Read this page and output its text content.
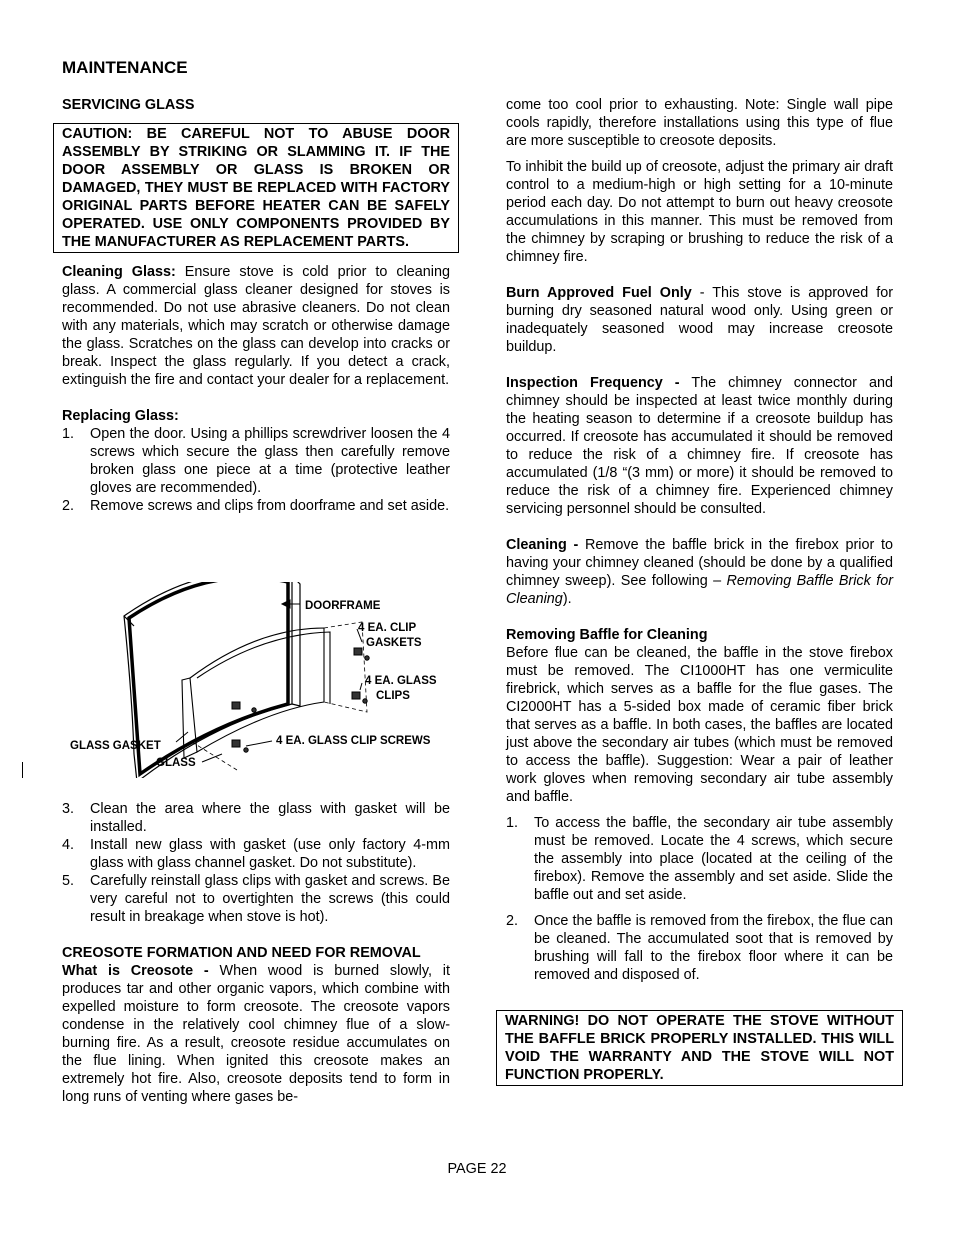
MAINTENANCE

SERVICING GLASS

CAUTION: BE CAREFUL NOT TO ABUSE DOOR ASSEMBLY BY STRIKING OR SLAMMING IT. IF THE DOOR ASSEMBLY OR GLASS IS BROKEN OR DAMAGED, THEY MUST BE REPLACED WITH FACTORY ORIGINAL PARTS BEFORE HEATER CAN BE SAFELY OPERATED. USE ONLY COMPONENTS PROVIDED BY THE MANUFACTURER AS REPLACEMENT PARTS.

Cleaning Glass: Ensure stove is cold prior to cleaning glass. A commercial glass cleaner designed for stoves is recommended. Do not use abrasive cleaners. Do not clean with any materials, which may scratch or otherwise damage the glass. Scratches on the glass can develop into cracks or break. Inspect the glass regularly. If you detect a crack, extinguish the fire and contact your dealer for a replacement.

Replacing Glass:

1. Open the door. Using a phillips screwdriver loosen the 4 screws which secure the glass then carefully remove broken glass one piece at a time (protective leather gloves are recommended).
2. Remove screws and clips from doorframe and set aside.
DOORFRAME
4 EA. CLIP
GASKETS
4 EA. GLASS
CLIPS
4 EA. GLASS CLIP SCREWS
GLASS GASKET
GLASS
3. Clean the area where the glass with gasket will be installed.
4. Install new glass with gasket (use only factory 4-mm glass with glass channel gasket. Do not substitute).
5. Carefully reinstall glass clips with gasket and screws. Be very careful not to overtighten the screws (this could result in breakage when stove is hot).

CREOSOTE FORMATION AND NEED FOR REMOVAL

What is Creosote - When wood is burned slowly, it produces tar and other organic vapors, which combine with expelled moisture to form creosote. The creosote vapors condense in the relatively cool chimney flue of a slow-burning fire. As a result, creosote residue accumulates on the flue lining. When ignited this creosote makes an extremely hot fire. Also, creosote deposits tend to form in long runs of venting where gases be-

come too cool prior to exhausting. Note: Single wall pipe cools rapidly, therefore installations using this type of flue are more susceptible to creosote deposits.

To inhibit the build up of creosote, adjust the primary air draft control to a medium-high or high setting for a 10-minute period each day. Do not attempt to burn out heavy creosote accumulations in this manner. This must be removed from the chimney by scraping or brushing to reduce the risk of a chimney fire.

Burn Approved Fuel Only - This stove is approved for burning dry seasoned natural wood only. Using green or inadequately seasoned wood may increase creosote buildup.

Inspection Frequency - The chimney connector and chimney should be inspected at least twice monthly during the heating season to determine if a creosote buildup has occurred. If creosote has accumulated it should be removed to reduce the risk of a chimney fire. If creosote has accumulated (1/8 “(3 mm) or more) it should be removed to reduce the risk of a chimney fire. Experienced chimney servicing personnel should be consulted.

Cleaning - Remove the baffle brick in the firebox prior to having your chimney cleaned (should be done by a qualified chimney sweep). See following – Removing Baffle Brick for Cleaning).

Removing Baffle for Cleaning

Before flue can be cleaned, the baffle in the stove firebox must be removed. The CI1000HT has one vermiculite firebrick, which serves as a baffle for the flue gases. The CI2000HT has a 5-sided box made of ceramic fiber brick that serves as a baffle. In both cases, the baffles are located just above the secondary air tubes (which must be removed to access the baffle). Suggestion: Wear a pair of leather work gloves when removing secondary air tube assembly and baffle.

1. To access the baffle, the secondary air tube assembly must be removed. Locate the 4 screws, which secure the assembly into place (located at the ceiling of the firebox). Remove the assembly and set aside. Slide the baffle out and set aside.
2. Once the baffle is removed from the firebox, the flue can be cleaned. The accumulated soot that is removed by brushing will fall to the firebox floor where it can be removed and disposed of.
WARNING! DO NOT OPERATE THE STOVE WITHOUT THE BAFFLE BRICK PROPERLY INSTALLED. THIS WILL VOID THE WARRANTY AND THE STOVE WILL NOT FUNCTION PROPERLY.
PAGE 22
